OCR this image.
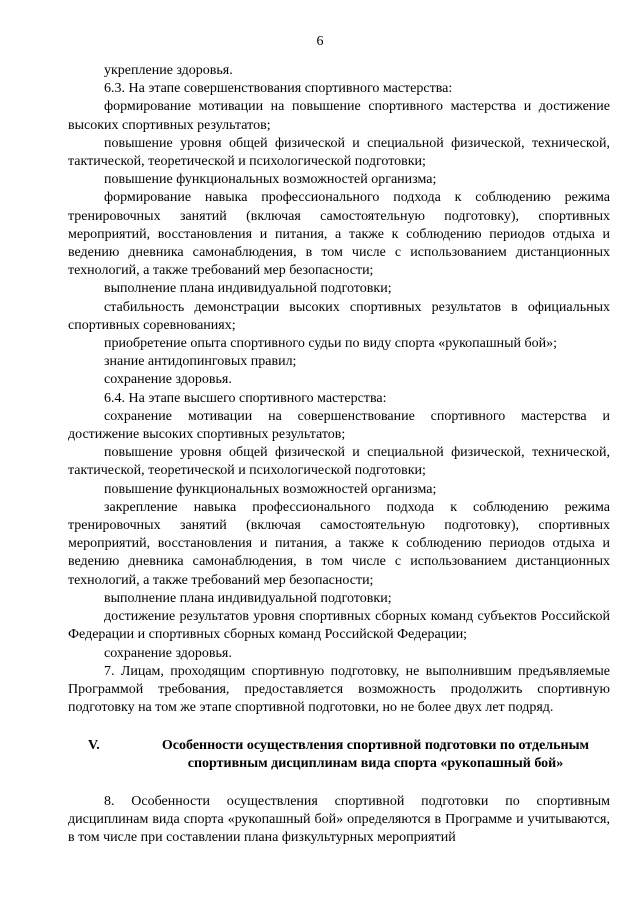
6

укрепление здоровья.

6.3. На этапе совершенствования спортивного мастерства:

формирование мотивации на повышение спортивного мастерства и достижение высоких спортивных результатов;

повышение уровня общей физической и специальной физической, технической, тактической, теоретической и психологической подготовки;

повышение функциональных возможностей организма;

формирование навыка профессионального подхода к соблюдению режима тренировочных занятий (включая самостоятельную подготовку), спортивных мероприятий, восстановления и питания, а также к соблюдению периодов отдыха и ведению дневника самонаблюдения, в том числе с использованием дистанционных технологий, а также требований мер безопасности;

выполнение плана индивидуальной подготовки;

стабильность демонстрации высоких спортивных результатов в официальных спортивных соревнованиях;

приобретение опыта спортивного судьи по виду спорта «рукопашный бой»;

знание антидопинговых правил;

сохранение здоровья.

6.4. На этапе высшего спортивного мастерства:

сохранение мотивации на совершенствование спортивного мастерства и достижение высоких спортивных результатов;

повышение уровня общей физической и специальной физической, технической, тактической, теоретической и психологической подготовки;

повышение функциональных возможностей организма;

закрепление навыка профессионального подхода к соблюдению режима тренировочных занятий (включая самостоятельную подготовку), спортивных мероприятий, восстановления и питания, а также к соблюдению периодов отдыха и ведению дневника самонаблюдения, в том числе с использованием дистанционных технологий, а также требований мер безопасности;

выполнение плана индивидуальной подготовки;

достижение результатов уровня спортивных сборных команд субъектов Российской Федерации и спортивных сборных команд Российской Федерации;

сохранение здоровья.

7. Лицам, проходящим спортивную подготовку, не выполнившим предъявляемые Программой требования, предоставляется возможность продолжить спортивную подготовку на том же этапе спортивной подготовки, но не более двух лет подряд.

V.	Особенности осуществления спортивной подготовки по отдельным спортивным дисциплинам вида спорта «рукопашный бой»

8. Особенности осуществления спортивной подготовки по спортивным дисциплинам вида спорта «рукопашный бой» определяются в Программе и учитываются, в том числе при составлении плана физкультурных мероприятий
